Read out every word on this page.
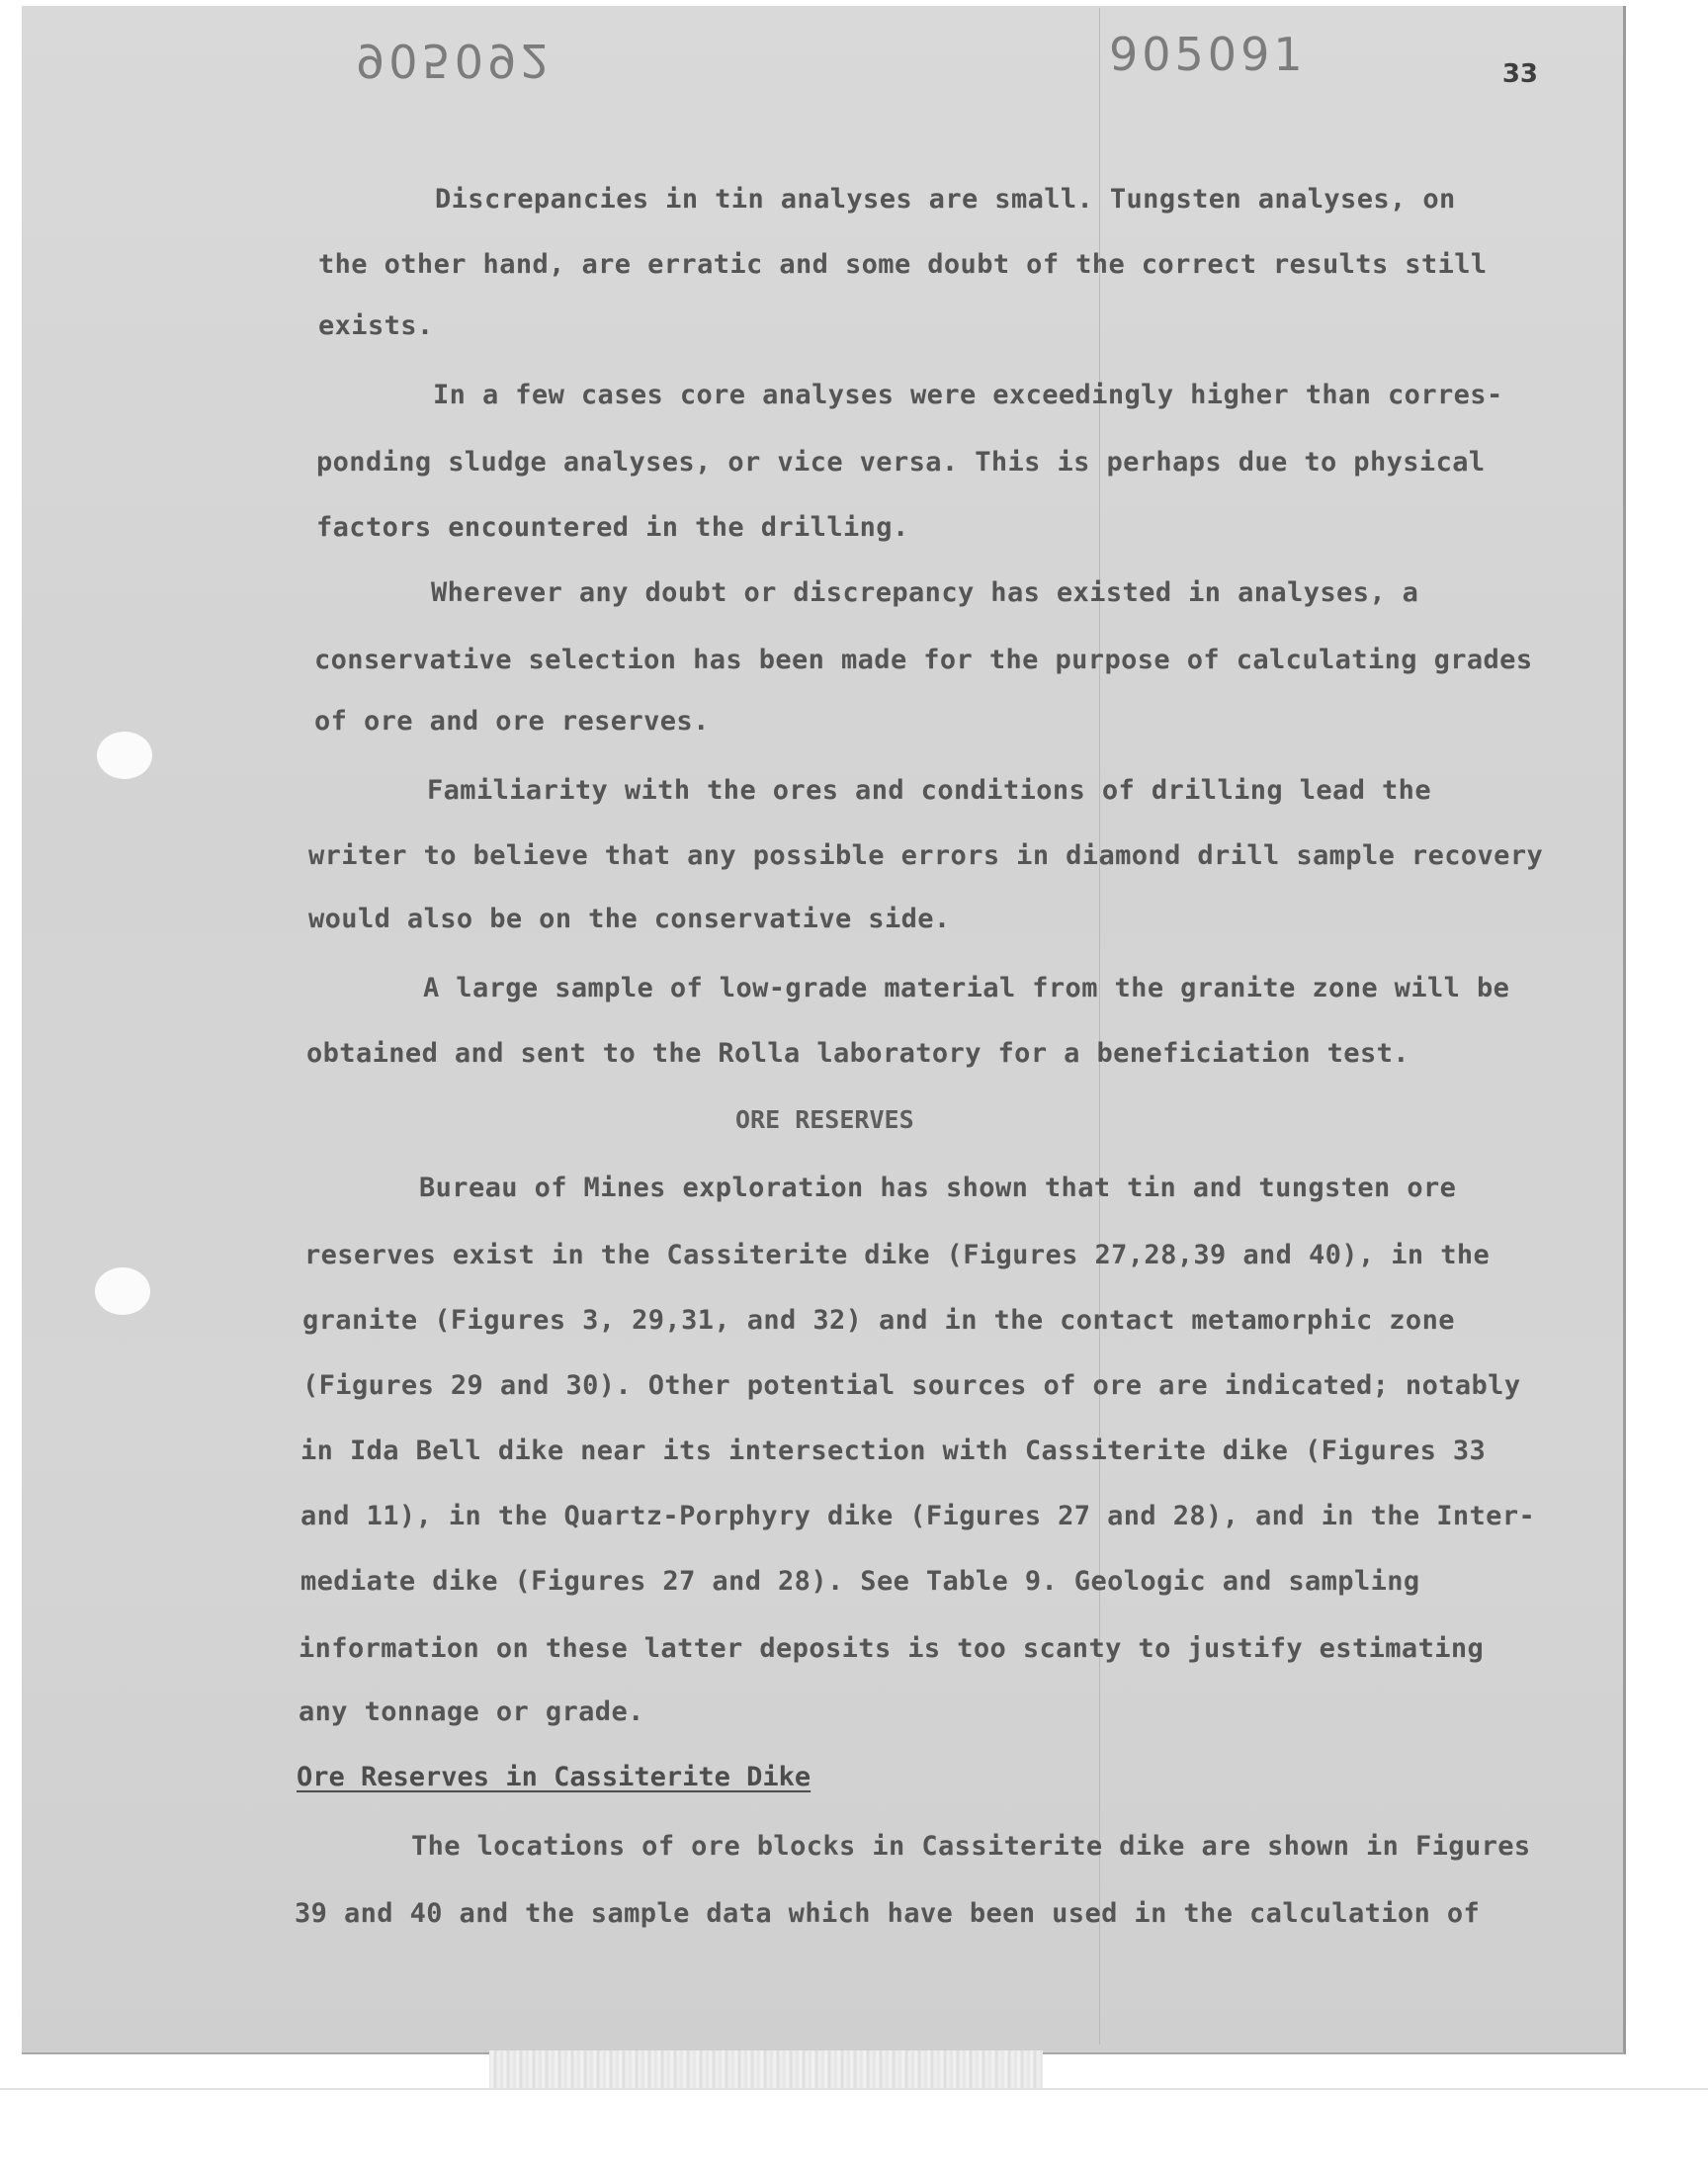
905092	905091	33

Discrepancies in tin analyses are small. Tungsten analyses, on

the other hand, are erratic and some doubt of the correct results still

exists.

In a few cases core analyses were exceedingly higher than corres-

ponding sludge analyses, or vice versa. This is perhaps due to physical

factors encountered in the drilling.

Wherever any doubt or discrepancy has existed in analyses, a

conservative selection has been made for the purpose of calculating grades

of ore and ore reserves.

Familiarity with the ores and conditions of drilling lead the

writer to believe that any possible errors in diamond drill sample recovery

would also be on the conservative side.

A large sample of low-grade material from the granite zone will be

obtained and sent to the Rolla laboratory for a beneficiation test.

ORE RESERVES

Bureau of Mines exploration has shown that tin and tungsten ore

reserves exist in the Cassiterite dike (Figures 27,28,39 and 40), in the

granite (Figures 3, 29,31, and 32) and in the contact metamorphic zone

(Figures 29 and 30). Other potential sources of ore are indicated; notably

in Ida Bell dike near its intersection with Cassiterite dike (Figures 33

and 11), in the Quartz-Porphyry dike (Figures 27 and 28), and in the Inter-

mediate dike (Figures 27 and 28). See Table 9. Geologic and sampling

information on these latter deposits is too scanty to justify estimating

any tonnage or grade.

Ore Reserves in Cassiterite Dike

The locations of ore blocks in Cassiterite dike are shown in Figures

39 and 40 and the sample data which have been used in the calculation of
